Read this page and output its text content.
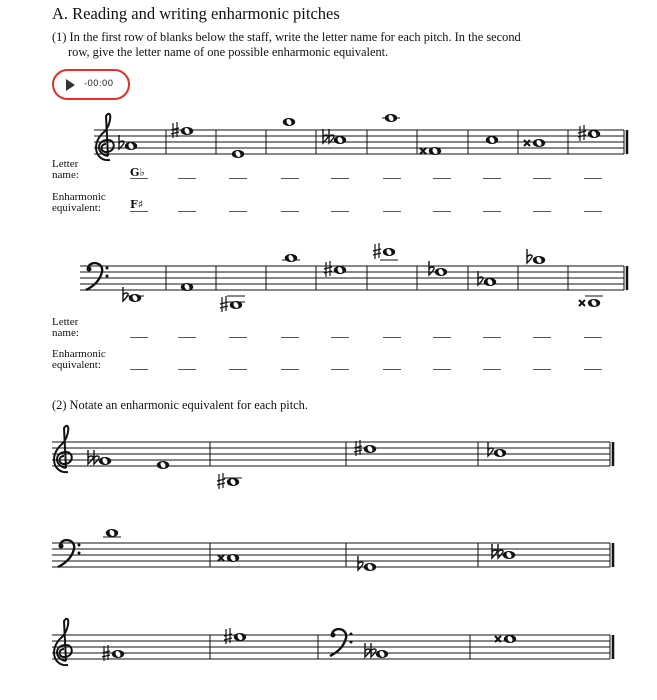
A. Reading and writing enharmonic pitches
(1) In the first row of blanks below the staff, write the letter name for each pitch. In the second
row, give the letter name of one possible enharmonic equivalent.
-00:00
Letter
name:
Enharmonic
equivalent:
G♭
F♯
Letter
name:
Enharmonic
equivalent:
(2) Notate an enharmonic equivalent for each pitch.
